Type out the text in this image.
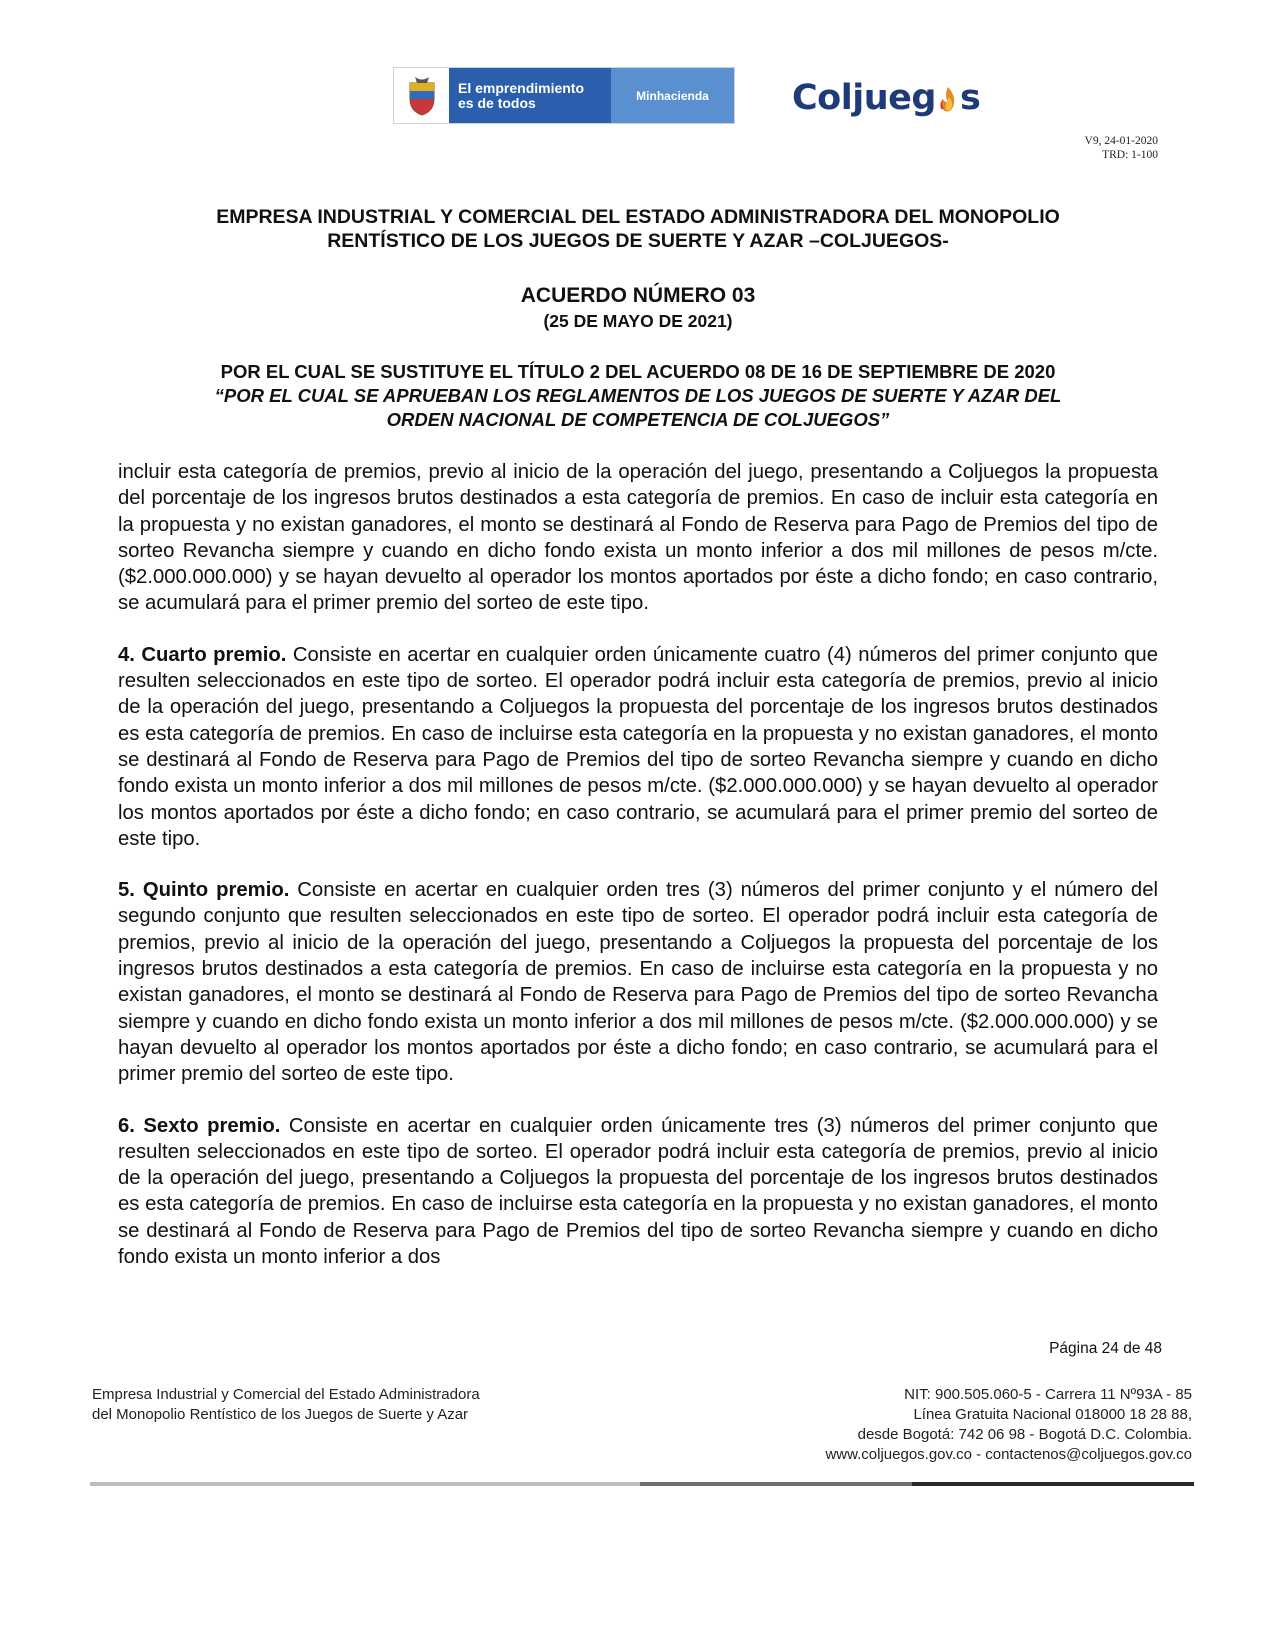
El emprendimiento
es de todos	Minhacienda	Coljueg s
V9, 24-01-2020
TRD: 1-100
EMPRESA INDUSTRIAL Y COMERCIAL DEL ESTADO ADMINISTRADORA DEL MONOPOLIO
RENTÍSTICO DE LOS JUEGOS DE SUERTE Y AZAR –COLJUEGOS-
ACUERDO NÚMERO 03
(25 DE MAYO DE 2021)
POR EL CUAL SE SUSTITUYE EL TÍTULO 2 DEL ACUERDO 08 DE 16 DE SEPTIEMBRE DE 2020
“POR EL CUAL SE APRUEBAN LOS REGLAMENTOS DE LOS JUEGOS DE SUERTE Y AZAR DEL
ORDEN NACIONAL DE COMPETENCIA DE COLJUEGOS”

incluir esta categoría de premios, previo al inicio de la operación del juego, presentando a Coljuegos la propuesta del porcentaje de los ingresos brutos destinados a esta categoría de premios. En caso de incluir esta categoría en la propuesta y no existan ganadores, el monto se destinará al Fondo de Reserva para Pago de Premios del tipo de sorteo Revancha siempre y cuando en dicho fondo exista un monto inferior a dos mil millones de pesos m/cte. ($2.000.000.000) y se hayan devuelto al operador los montos aportados por éste a dicho fondo; en caso contrario, se acumulará para el primer premio del sorteo de este tipo.

4. Cuarto premio. Consiste en acertar en cualquier orden únicamente cuatro (4) números del primer conjunto que resulten seleccionados en este tipo de sorteo. El operador podrá incluir esta categoría de premios, previo al inicio de la operación del juego, presentando a Coljuegos la propuesta del porcentaje de los ingresos brutos destinados es esta categoría de premios. En caso de incluirse esta categoría en la propuesta y no existan ganadores, el monto se destinará al Fondo de Reserva para Pago de Premios del tipo de sorteo Revancha siempre y cuando en dicho fondo exista un monto inferior a dos mil millones de pesos m/cte. ($2.000.000.000) y se hayan devuelto al operador los montos aportados por éste a dicho fondo; en caso contrario, se acumulará para el primer premio del sorteo de este tipo.

5. Quinto premio. Consiste en acertar en cualquier orden tres (3) números del primer conjunto y el número del segundo conjunto que resulten seleccionados en este tipo de sorteo. El operador podrá incluir esta categoría de premios, previo al inicio de la operación del juego, presentando a Coljuegos la propuesta del porcentaje de los ingresos brutos destinados a esta categoría de premios. En caso de incluirse esta categoría en la propuesta y no existan ganadores, el monto se destinará al Fondo de Reserva para Pago de Premios del tipo de sorteo Revancha siempre y cuando en dicho fondo exista un monto inferior a dos mil millones de pesos m/cte. ($2.000.000.000) y se hayan devuelto al operador los montos aportados por éste a dicho fondo; en caso contrario, se acumulará para el primer premio del sorteo de este tipo.

6. Sexto premio. Consiste en acertar en cualquier orden únicamente tres (3) números del primer conjunto que resulten seleccionados en este tipo de sorteo. El operador podrá incluir esta categoría de premios, previo al inicio de la operación del juego, presentando a Coljuegos la propuesta del porcentaje de los ingresos brutos destinados es esta categoría de premios. En caso de incluirse esta categoría en la propuesta y no existan ganadores, el monto se destinará al Fondo de Reserva para Pago de Premios del tipo de sorteo Revancha siempre y cuando en dicho fondo exista un monto inferior a dos

Página 24 de 48
Empresa Industrial y Comercial del Estado Administradora
del Monopolio Rentístico de los Juegos de Suerte y Azar
NIT: 900.505.060-5 - Carrera 11 Nº93A - 85
Línea Gratuita Nacional 018000 18 28 88,
desde Bogotá: 742 06 98 - Bogotá D.C. Colombia.
www.coljuegos.gov.co - contactenos@coljuegos.gov.co
